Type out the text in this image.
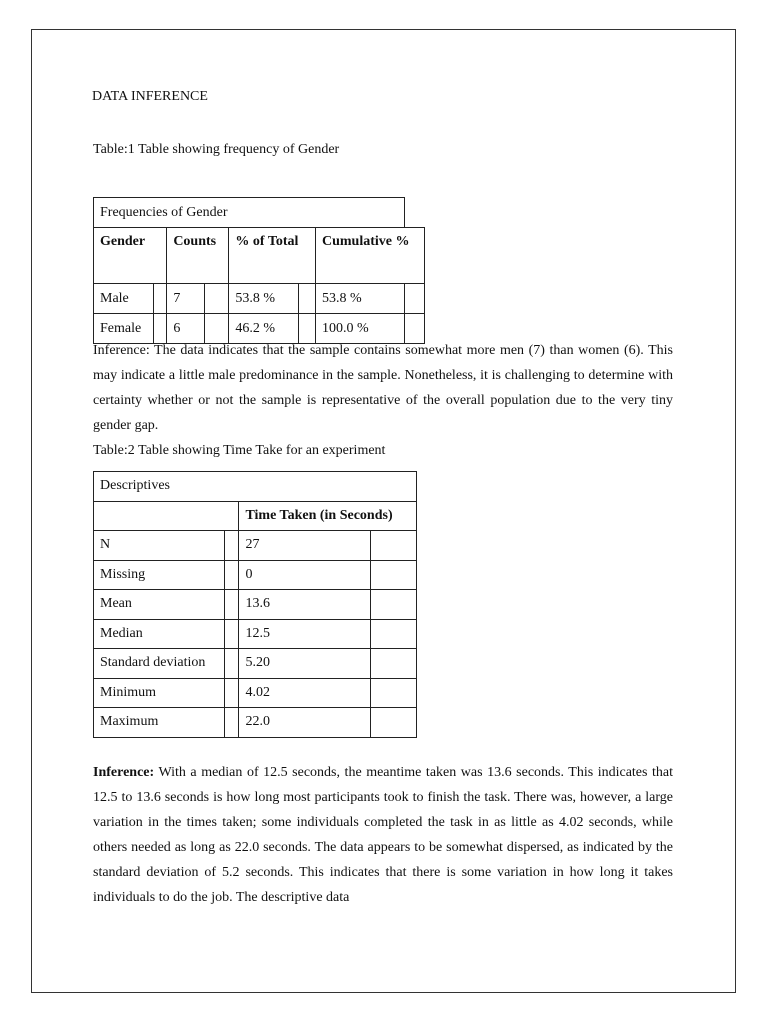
DATA INFERENCE
Table:1 Table showing frequency of Gender
Frequencies of Gender							
Gender		Counts		% of Total		Cumulative %	
Male		7		53.8 %		53.8 %	
Female		6		46.2 %		100.0 %	
Inference: The data indicates that the sample contains somewhat more men (7) than women (6). This may indicate a little male predominance in the sample. Nonetheless, it is challenging to determine with certainty whether or not the sample is representative of the overall population due to the very tiny gender gap.
Table:2 Table showing Time Take for an experiment
Descriptives			
		Time Taken (in Seconds)	
N		27	
Missing		0	
Mean		13.6	
Median		12.5	
Standard deviation		5.20	
Minimum		4.02	
Maximum		22.0	
Inference: With a median of 12.5 seconds, the meantime taken was 13.6 seconds. This indicates that 12.5 to 13.6 seconds is how long most participants took to finish the task. There was, however, a large variation in the times taken; some individuals completed the task in as little as 4.02 seconds, while others needed as long as 22.0 seconds. The data appears to be somewhat dispersed, as indicated by the standard deviation of 5.2 seconds. This indicates that there is some variation in how long it takes individuals to do the job. The descriptive data
